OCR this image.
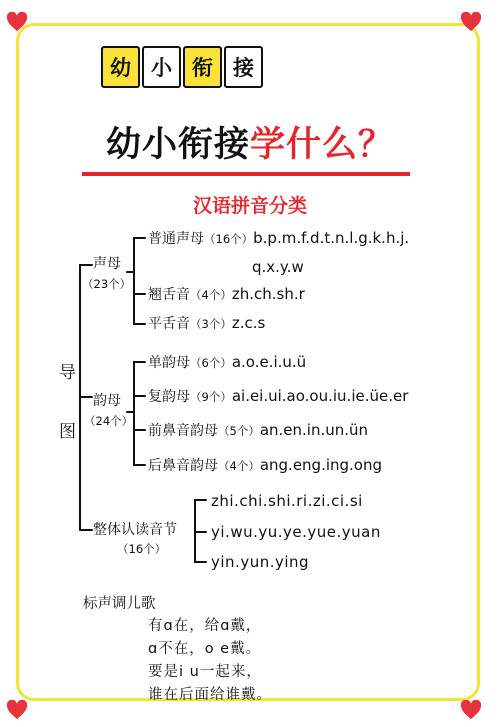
幼 小 衔 接
幼小衔接学什么？
汉语拼音分类
导
图
声母
（23个）
普通声母（16个）b.p.m.f.d.t.n.l.g.k.h.j.
q.x.y.w
翘舌音（4个）zh.ch.sh.r
平舌音（3个）z.c.s
韵母
（24个）
单韵母（6个）a.o.e.i.u.ü
复韵母（9个）ai.ei.ui.ao.ou.iu.ie.üe.er
前鼻音韵母（5个）an.en.in.un.ün
后鼻音韵母（4个）ang.eng.ing.ong
整体认读音节
（16个）
zhi.chi.shi.ri.zi.ci.si
yi.wu.yu.ye.yue.yuan
yin.yun.ying
标声调儿歌
有ɑ在，给ɑ戴，
ɑ不在，o e戴。
要是i u一起来，
谁在后面给谁戴。
